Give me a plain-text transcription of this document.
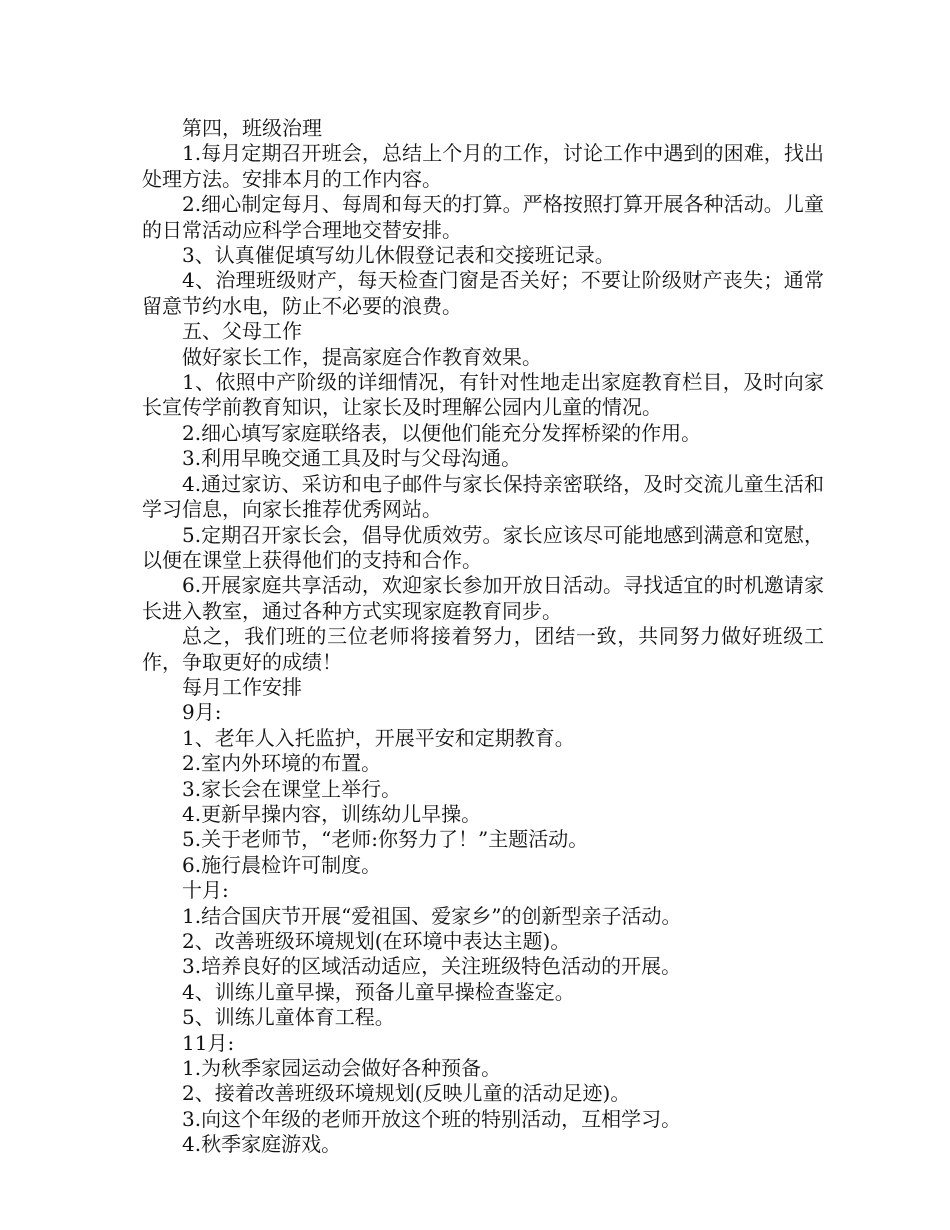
第四，班级治理

1.每月定期召开班会，总结上个月的工作，讨论工作中遇到的困难，找出处理方法。安排本月的工作内容。

2.细心制定每月、每周和每天的打算。严格按照打算开展各种活动。儿童的日常活动应科学合理地交替安排。

3、认真催促填写幼儿休假登记表和交接班记录。

4、治理班级财产，每天检查门窗是否关好；不要让阶级财产丧失；通常留意节约水电，防止不必要的浪费。

五、父母工作

做好家长工作，提高家庭合作教育效果。

1、依照中产阶级的详细情况，有针对性地走出家庭教育栏目，及时向家长宣传学前教育知识，让家长及时理解公园内儿童的情况。

2.细心填写家庭联络表，以便他们能充分发挥桥梁的作用。

3.利用早晚交通工具及时与父母沟通。

4.通过家访、采访和电子邮件与家长保持亲密联络，及时交流儿童生活和学习信息，向家长推荐优秀网站。

5.定期召开家长会，倡导优质效劳。家长应该尽可能地感到满意和宽慰，以便在课堂上获得他们的支持和合作。

6.开展家庭共享活动，欢迎家长参加开放日活动。寻找适宜的时机邀请家长进入教室，通过各种方式实现家庭教育同步。

总之，我们班的三位老师将接着努力，团结一致，共同努力做好班级工作，争取更好的成绩！

每月工作安排

9月:

1、老年人入托监护，开展平安和定期教育。

2.室内外环境的布置。

3.家长会在课堂上举行。

4.更新早操内容，训练幼儿早操。

5.关于老师节，“老师:你努力了！”主题活动。

6.施行晨检许可制度。

十月:

1.结合国庆节开展“爱祖国、爱家乡”的创新型亲子活动。

2、改善班级环境规划(在环境中表达主题)。

3.培养良好的区域活动适应，关注班级特色活动的开展。

4、训练儿童早操，预备儿童早操检查鉴定。

5、训练儿童体育工程。

11月:

1.为秋季家园运动会做好各种预备。

2、接着改善班级环境规划(反映儿童的活动足迹)。

3.向这个年级的老师开放这个班的特别活动，互相学习。

4.秋季家庭游戏。
